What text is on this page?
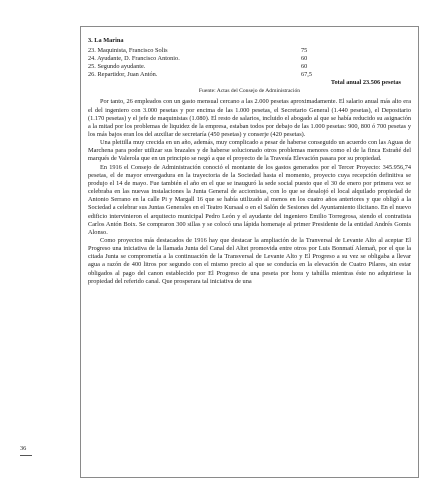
3. La Marina
23. Maquinista, Francisco Solis	75
24. Ayudante, D. Francisco Antonio.	60
25. Segundo ayudante.	60
26. Repartidor, Juan Antón.	67,5
Total anual 23.506 pesetas
Fuente: Actas del Consejo de Administración

Por tanto, 26 empleados con un gasto mensual cercano a las 2.000 pesetas aproximadamente. El salario anual más alto era el del ingeniero con 3.000 pesetas y por encima de las 1.000 pesetas, el Secretario General (1.440 pesetas), el Depositario (1.170 pesetas) y el jefe de maquinistas (1.080). El resto de salarios, incluido el abogado al que se había reducido su asignación a la mitad por los problemas de liquidez de la empresa, estaban todos por debajo de las 1.000 pesetas: 900, 800 ó 700 pesetas y los más bajos eran los del auxiliar de secretaría (450 pesetas) y conserje (420 pesetas).

Una pleitilla muy crecida en un año, además, muy complicado a pesar de haberse conseguido un acuerdo con las Aguas de Marchena para poder utilizar sus brazales y de haberse solucionado otros problemas menores como el de la finca Estrañé del marqués de Valerola que en un principio se negó a que el proyecto de la Travesía Elevación pasara por su propiedad.

En 1916 el Consejo de Administración conoció el montante de los gastos generados por el Tercer Proyecto: 345.956,74 pesetas, el de mayor envergadura en la trayectoria de la Sociedad hasta el momento, proyecto cuya recepción definitiva se produjo el 14 de mayo. Fue también el año en el que se inauguró la sede social puesto que el 30 de enero por primera vez se celebraba en las nuevas instalaciones la Junta General de accionistas, con lo que se desalojó el local alquilado propiedad de Antonio Serrano en la calle Pi y Margall 16 que se había utilizado al menos en los cuatro años anteriores y que obligó a la Sociedad a celebrar sus Juntas Generales en el Teatro Kursaal o en el Salón de Sesiones del Ayuntamiento ilicitano. En el nuevo edificio intervinieron el arquitecto municipal Pedro León y el ayudante del ingeniero Emilio Torregrosa, siendo el contratista Carlos Antón Boix. Se compraron 300 sillas y se colocó una lápida homenaje al primer Presidente de la entidad Andrés Gomis Alonso.

Como proyectos más destacados de 1916 hay que destacar la ampliación de la Tranversal de Levante Alto al aceptar El Progreso una iniciativa de la llamada Junta del Canal del Altet promovida entre otros por Luis Bonmatí Alemañ, por el que la citada Junta se comprometía a la continuación de la Transversal de Levante Alto y El Progreso a su vez se obligaba a llevar agua a razón de 400 litros por segundo con el mismo precio al que se conducía en la elevación de Cuatro Pilares, sin estar obligados al pago del canon establecido por El Progreso de una peseta por hora y tahúlla mientras éste no adquiriese la propiedad del referido canal. Que prosperara tal iniciativa de una

36
